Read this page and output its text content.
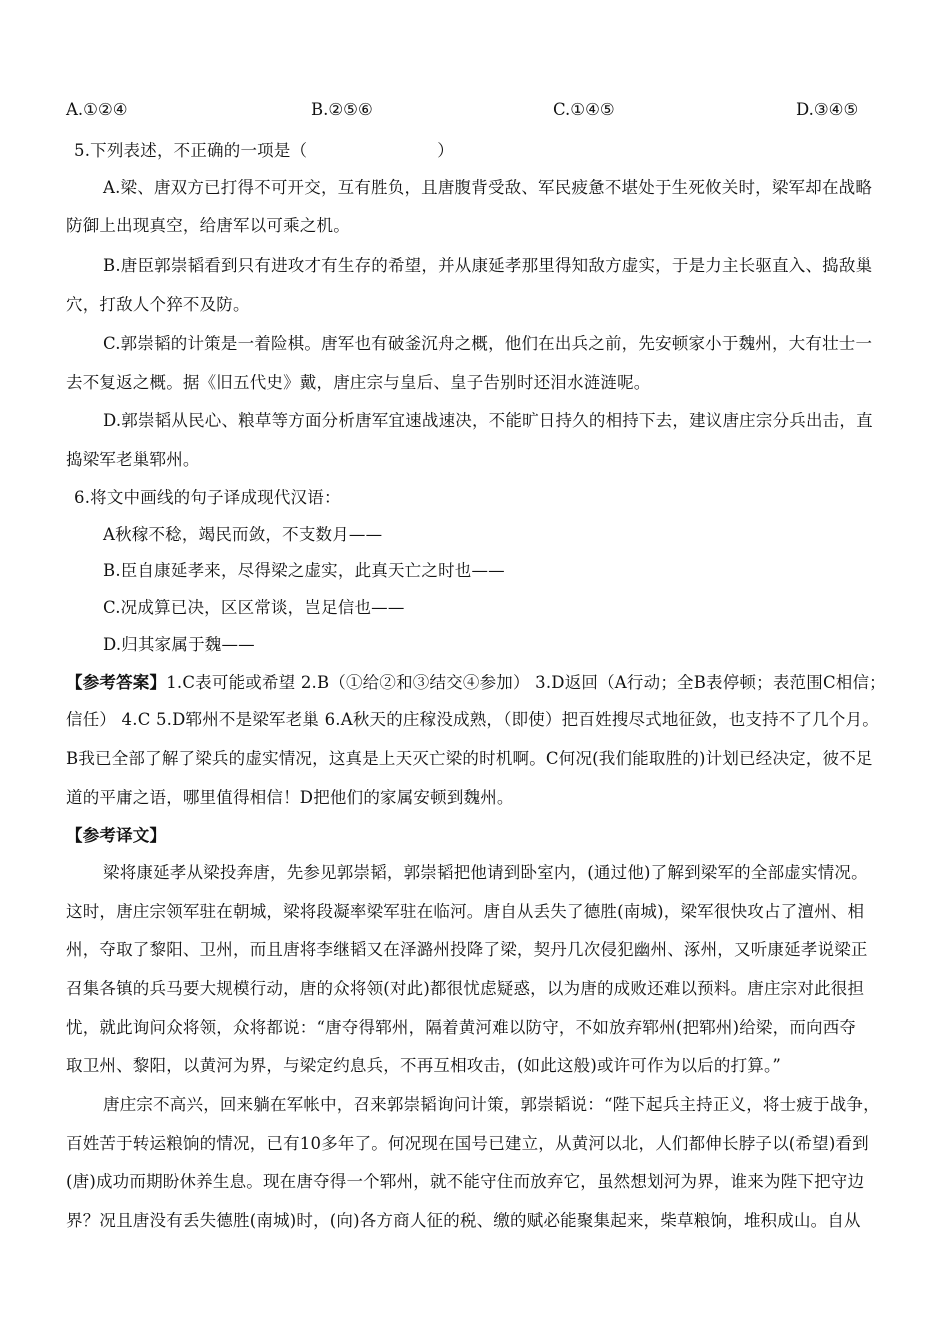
A.①②④	B.②⑤⑥	C.①④⑤	D.③④⑤
5.下列表述，不正确的一项是（	）
A.梁、唐双方已打得不可开交，互有胜负，且唐腹背受敌、军民疲惫不堪处于生死攸关时，梁军却在战略
防御上出现真空，给唐军以可乘之机。
B.唐臣郭崇韬看到只有进攻才有生存的希望，并从康延孝那里得知敌方虚实，于是力主长驱直入、捣敌巢
穴，打敌人个猝不及防。
C.郭崇韬的计策是一着险棋。唐军也有破釜沉舟之概，他们在出兵之前，先安顿家小于魏州，大有壮士一
去不复返之概。据《旧五代史》戴，唐庄宗与皇后、皇子告别时还泪水涟涟呢。
D.郭崇韬从民心、粮草等方面分析唐军宜速战速决，不能旷日持久的相持下去，建议唐庄宗分兵出击，直
捣梁军老巢郓州。
6.将文中画线的句子译成现代汉语：
A秋稼不稔，竭民而敛，不支数月——
B.臣自康延孝来，尽得梁之虚实，此真天亡之时也——
C.况成算已决，区区常谈，岂足信也——
D.归其家属于魏——
【参考答案】1.C表可能或希望 2.B（①给②和③结交④参加） 3.D返回（A行动；全B表停顿；表范围C相信；
信任） 4.C 5.D郓州不是梁军老巢 6.A秋天的庄稼没成熟，（即使）把百姓搜尽式地征敛，也支持不了几个月。
B我已全部了解了梁兵的虚实情况，这真是上天灭亡梁的时机啊。C何况(我们能取胜的)计划已经决定，彼不足
道的平庸之语，哪里值得相信！D把他们的家属安顿到魏州。
【参考译文】
梁将康延孝从梁投奔唐，先参见郭崇韬，郭崇韬把他请到卧室内，(通过他)了解到梁军的全部虚实情况。
这时，唐庄宗领军驻在朝城，梁将段凝率梁军驻在临河。唐自从丢失了德胜(南城)，梁军很快攻占了澶州、相
州，夺取了黎阳、卫州，而且唐将李继韬又在泽潞州投降了梁，契丹几次侵犯幽州、涿州，又听康延孝说梁正
召集各镇的兵马要大规模行动，唐的众将领(对此)都很忧虑疑惑，以为唐的成败还难以预料。唐庄宗对此很担
忧，就此询问众将领，众将都说：“唐夺得郓州，隔着黄河难以防守，不如放弃郓州(把郓州)给梁，而向西夺
取卫州、黎阳，以黄河为界，与梁定约息兵，不再互相攻击，(如此这般)或许可作为以后的打算。”
唐庄宗不高兴，回来躺在军帐中，召来郭崇韬询问计策，郭崇韬说：“陛下起兵主持正义，将士疲于战争，
百姓苦于转运粮饷的情况，已有10多年了。何况现在国号已建立，从黄河以北，人们都伸长脖子以(希望)看到
(唐)成功而期盼休养生息。现在唐夺得一个郓州，就不能守住而放弃它，虽然想划河为界，谁来为陛下把守边
界？况且唐没有丢失德胜(南城)时，(向)各方商人征的税、缴的赋必能聚集起来，柴草粮饷，堆积成山。自从
